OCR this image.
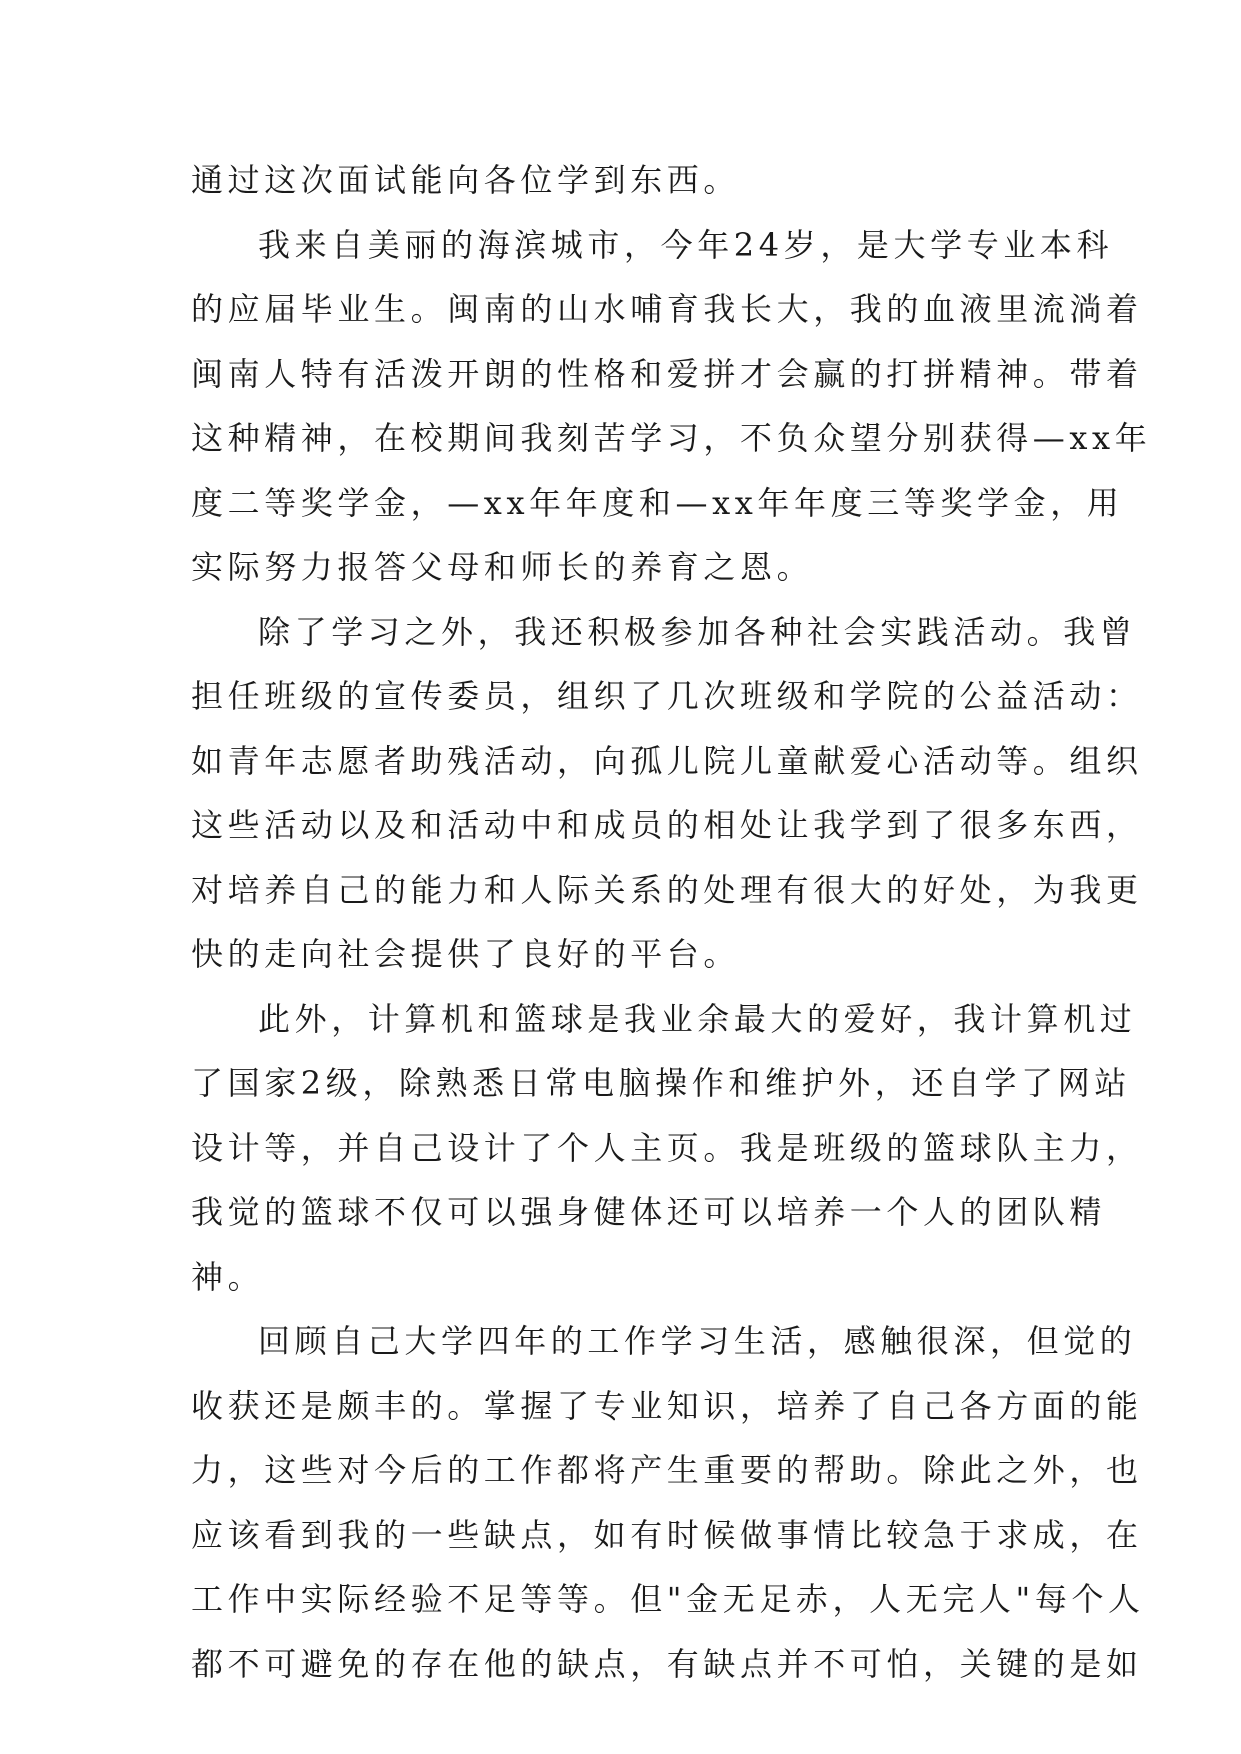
通过这次面试能向各位学到东西。
我来自美丽的海滨城市，今年24岁，是大学专业本科
的应届毕业生。闽南的山水哺育我长大，我的血液里流淌着
闽南人特有活泼开朗的性格和爱拼才会赢的打拼精神。带着
这种精神，在校期间我刻苦学习，不负众望分别获得—xx年
度二等奖学金，—xx年年度和—xx年年度三等奖学金，用
实际努力报答父母和师长的养育之恩。
除了学习之外，我还积极参加各种社会实践活动。我曾
担任班级的宣传委员，组织了几次班级和学院的公益活动：
如青年志愿者助残活动，向孤儿院儿童献爱心活动等。组织
这些活动以及和活动中和成员的相处让我学到了很多东西，
对培养自己的能力和人际关系的处理有很大的好处，为我更
快的走向社会提供了良好的平台。
此外，计算机和篮球是我业余最大的爱好，我计算机过
了国家2级，除熟悉日常电脑操作和维护外，还自学了网站
设计等，并自己设计了个人主页。我是班级的篮球队主力，
我觉的篮球不仅可以强身健体还可以培养一个人的团队精
神。
回顾自己大学四年的工作学习生活，感触很深，但觉的
收获还是颇丰的。掌握了专业知识，培养了自己各方面的能
力，这些对今后的工作都将产生重要的帮助。除此之外，也
应该看到我的一些缺点，如有时候做事情比较急于求成，在
工作中实际经验不足等等。但"金无足赤，人无完人"每个人
都不可避免的存在他的缺点，有缺点并不可怕，关键的是如
